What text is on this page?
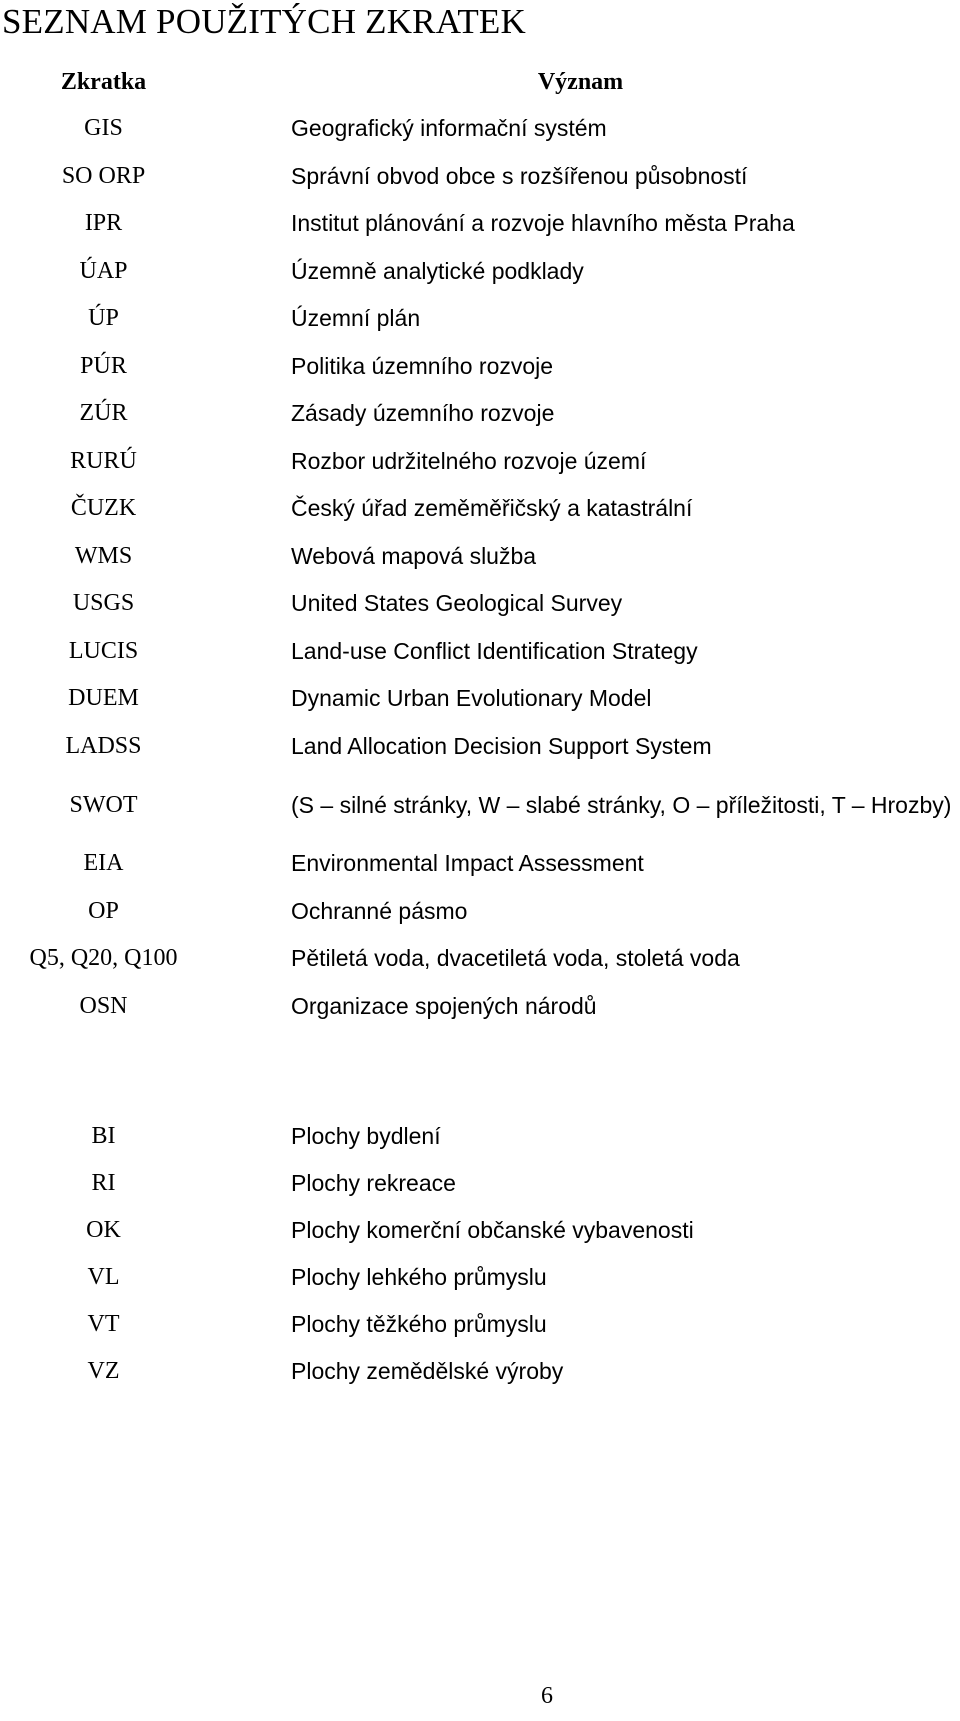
SEZNAM POUŽITÝCH ZKRATEK
Zkratka	Význam
GIS	Geografický informační systém
SO ORP	Správní obvod obce s rozšířenou působností
IPR	Institut plánování a rozvoje hlavního města Praha
ÚAP	Územně analytické podklady
ÚP	Územní plán
PÚR	Politika územního rozvoje
ZÚR	Zásady územního rozvoje
RURÚ	Rozbor udržitelného rozvoje území
ČUZK	Český úřad zeměměřičský a katastrální
WMS	Webová mapová služba
USGS	United States Geological Survey
LUCIS	Land-use Conflict Identification Strategy
DUEM	Dynamic Urban Evolutionary Model
LADSS	Land Allocation Decision Support System
SWOT	(S – silné stránky, W – slabé stránky, O – příležitosti, T – Hrozby)
EIA	Environmental Impact Assessment
OP	Ochranné pásmo
Q5, Q20, Q100	Pětiletá voda, dvacetiletá voda, stoletá voda
OSN	Organizace spojených národů
BI	Plochy bydlení
RI	Plochy rekreace
OK	Plochy komerční občanské vybavenosti
VL	Plochy lehkého průmyslu
VT	Plochy těžkého průmyslu
VZ	Plochy zemědělské výroby
6
